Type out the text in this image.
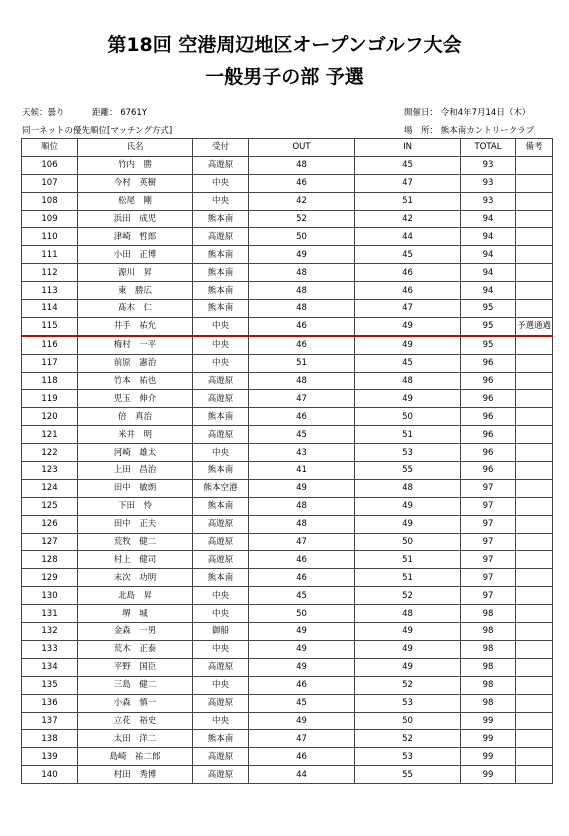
第18回 空港周辺地区オープンゴルフ大会
一般男子の部 予選
天候：曇り	距離： 6761Y
同一ネットの優先順位[マッチング方式]
開催日： 令和4年7月14日（木）
場　所： 熊本南カントリークラブ
順位	氏名	受付	OUT	IN	TOTAL	備考
106	竹内　勝	高遊原	48	45	93	
107	今村　英樹	中央	46	47	93	
108	松尾　剛	中央	42	51	93	
109	浜田　成児	熊本南	52	42	94	
110	津崎　哲郎	高遊原	50	44	94	
111	小田　正博	熊本南	49	45	94	
112	源川　昇	熊本南	48	46	94	
113	東　勝広	熊本南	48	46	94	
114	髙木　仁	熊本南	48	47	95	
115	井手　祐允	中央	46	49	95	予選通過
116	梅村　一平	中央	46	49	95	
117	前原　憲治	中央	51	45	96	
118	竹本　祐也	高遊原	48	48	96	
119	児玉　伸介	高遊原	47	49	96	
120	倍　真治	熊本南	46	50	96	
121	米井　明	高遊原	45	51	96	
122	河崎　雄太	中央	43	53	96	
123	上田　昌治	熊本南	41	55	96	
124	田中　敏朗	熊本空港	49	48	97	
125	下田　怜	熊本南	48	49	97	
126	田中　正夫	高遊原	48	49	97	
127	荒牧　健二	高遊原	47	50	97	
128	村上　健司	高遊原	46	51	97	
129	末次　功明	熊本南	46	51	97	
130	北島　昇	中央	45	52	97	
131	堺　城	中央	50	48	98	
132	金森　一男	御船	49	49	98	
133	荒木　正泰	中央	49	49	98	
134	平野　国臣	高遊原	49	49	98	
135	三島　健二	中央	46	52	98	
136	小森　慎一	高遊原	45	53	98	
137	立花　裕史	中央	49	50	99	
138	太田　洋二	熊本南	47	52	99	
139	島崎　祐二郎	高遊原	46	53	99	
140	村田　秀博	高遊原	44	55	99	
